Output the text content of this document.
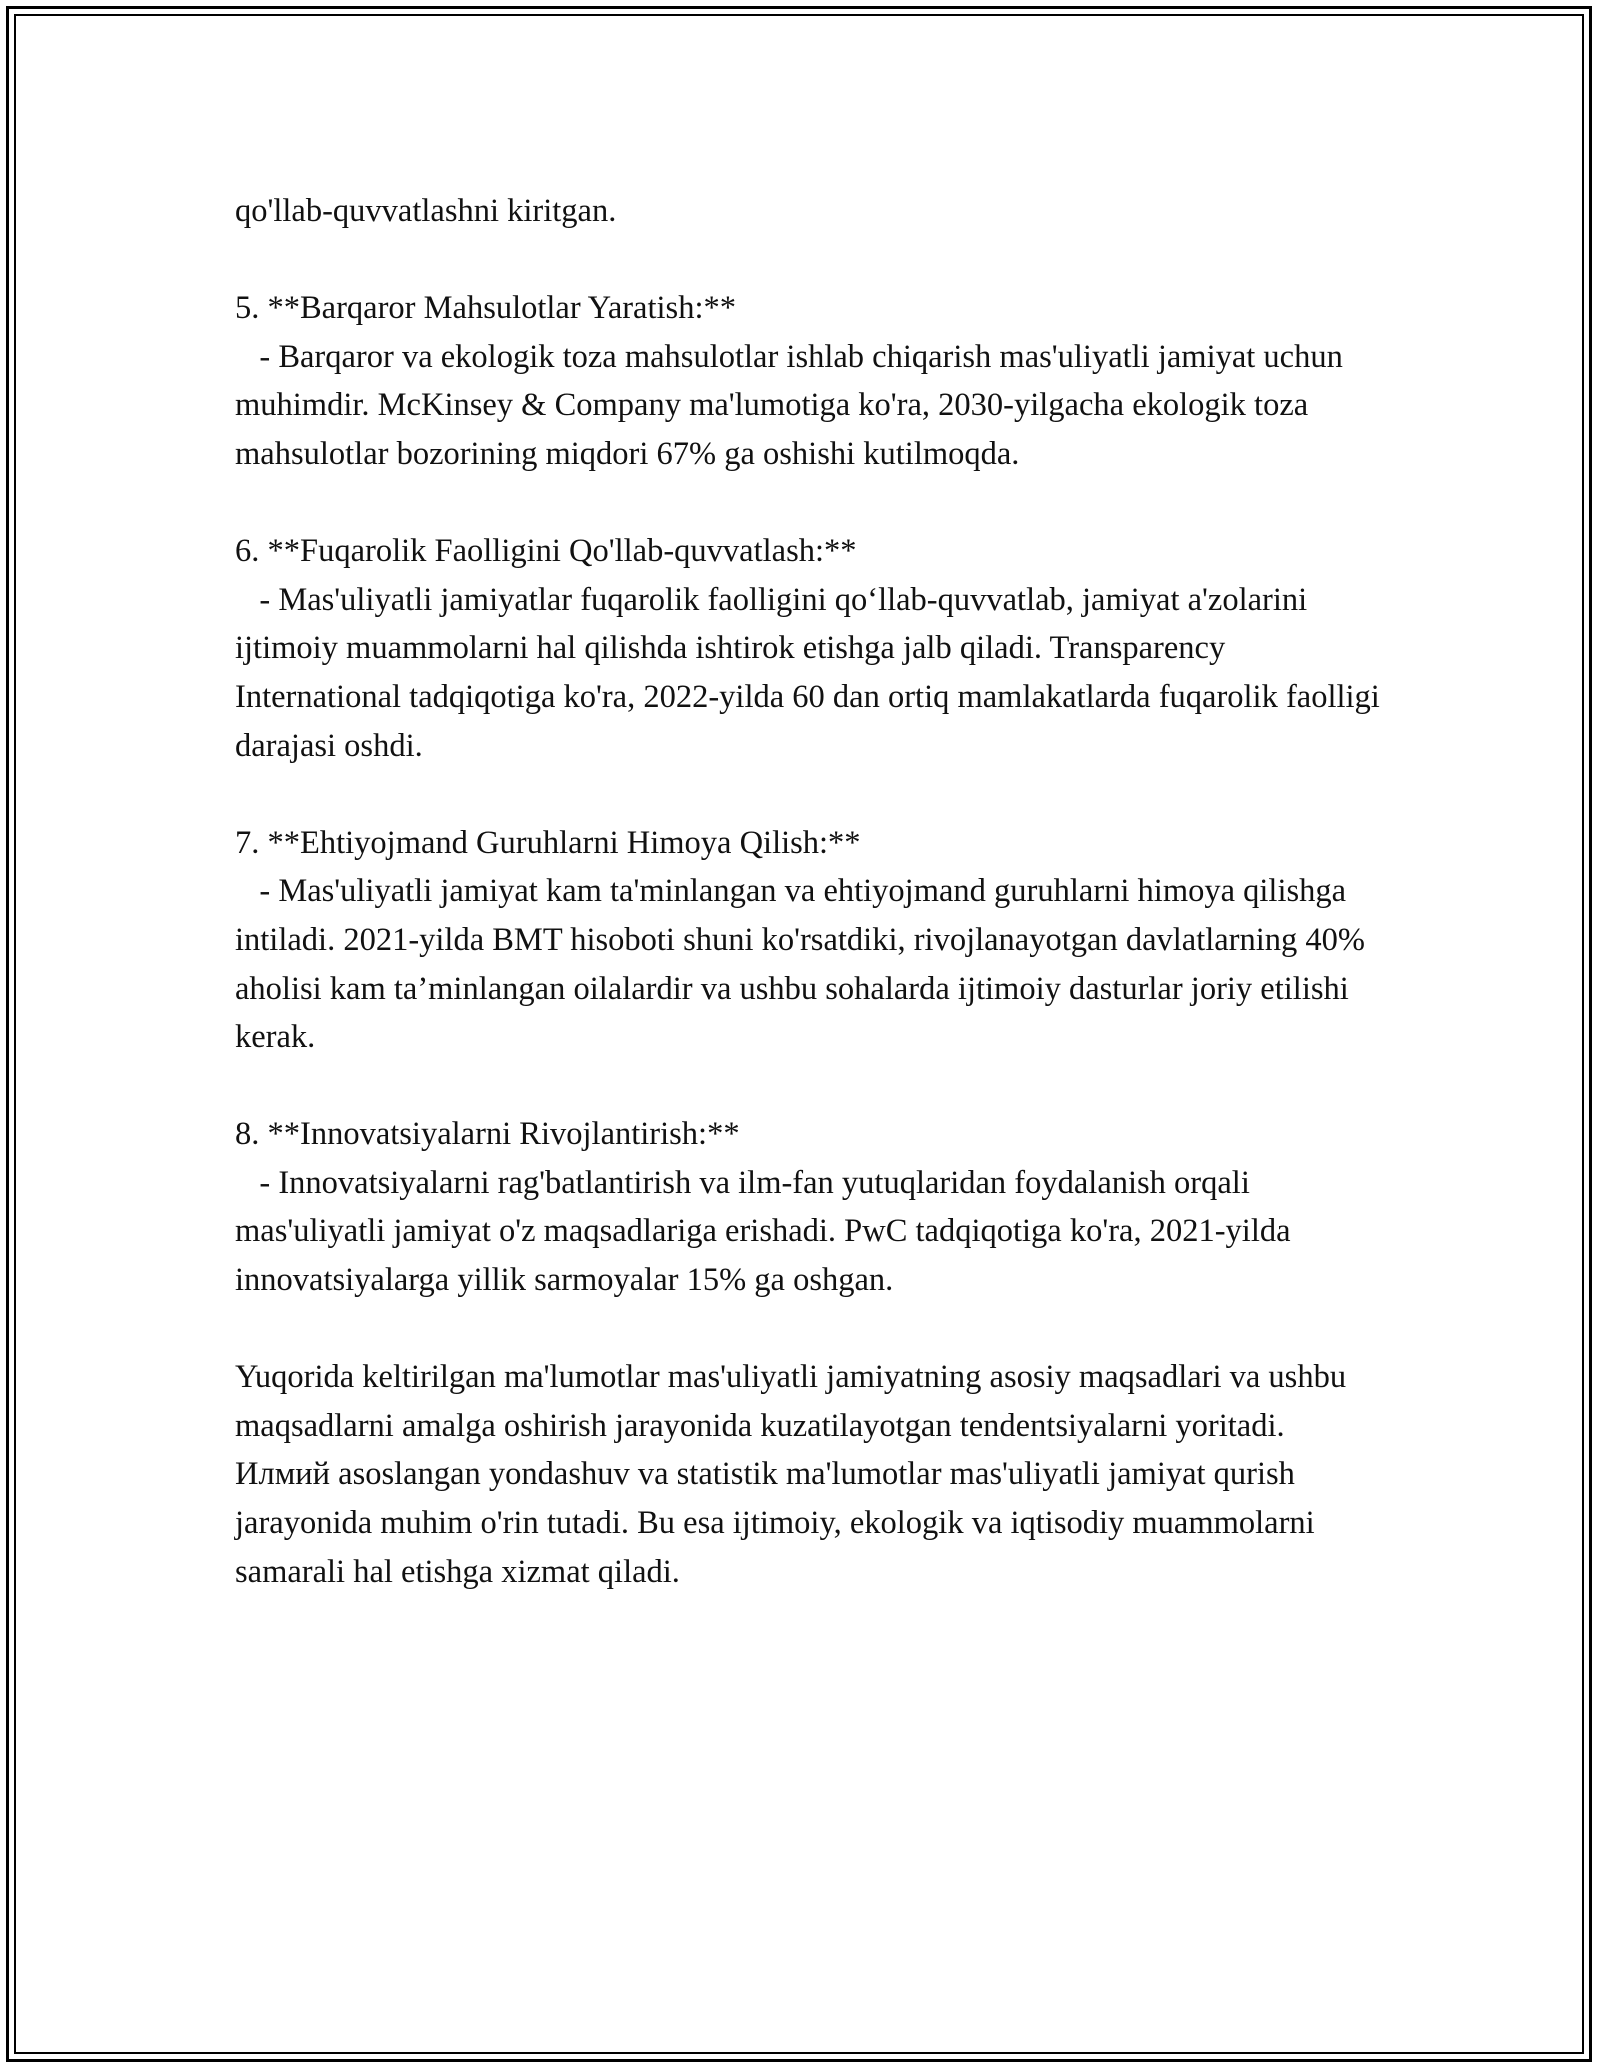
qo'llab-quvvatlashni kiritgan.

5. **Barqaror Mahsulotlar Yaratish:**

- Barqaror va ekologik toza mahsulotlar ishlab chiqarish mas'uliyatli jamiyat uchun muhimdir. McKinsey & Company ma'lumotiga ko'ra, 2030-yilgacha ekologik toza mahsulotlar bozorining miqdori 67% ga oshishi kutilmoqda.

6. **Fuqarolik Faolligini Qo'llab-quvvatlash:**

- Mas'uliyatli jamiyatlar fuqarolik faolligini qo‘llab-quvvatlab, jamiyat a'zolarini ijtimoiy muammolarni hal qilishda ishtirok etishga jalb qiladi. Transparency International tadqiqotiga ko'ra, 2022-yilda 60 dan ortiq mamlakatlarda fuqarolik faolligi darajasi oshdi.

7. **Ehtiyojmand Guruhlarni Himoya Qilish:**

- Mas'uliyatli jamiyat kam ta'minlangan va ehtiyojmand guruhlarni himoya qilishga intiladi. 2021-yilda BMT hisoboti shuni ko'rsatdiki, rivojlanayotgan davlatlarning 40% aholisi kam ta’minlangan oilalardir va ushbu sohalarda ijtimoiy dasturlar joriy etilishi kerak.

8. **Innovatsiyalarni Rivojlantirish:**

- Innovatsiyalarni rag'batlantirish va ilm-fan yutuqlaridan foydalanish orqali mas'uliyatli jamiyat o'z maqsadlariga erishadi. PwC tadqiqotiga ko'ra, 2021-yilda innovatsiyalarga yillik sarmoyalar 15% ga oshgan.

Yuqorida keltirilgan ma'lumotlar mas'uliyatli jamiyatning asosiy maqsadlari va ushbu maqsadlarni amalga oshirish jarayonida kuzatilayotgan tendentsiyalarni yoritadi. Илмий asoslangan yondashuv va statistik ma'lumotlar mas'uliyatli jamiyat qurish jarayonida muhim o'rin tutadi. Bu esa ijtimoiy, ekologik va iqtisodiy muammolarni samarali hal etishga xizmat qiladi.
